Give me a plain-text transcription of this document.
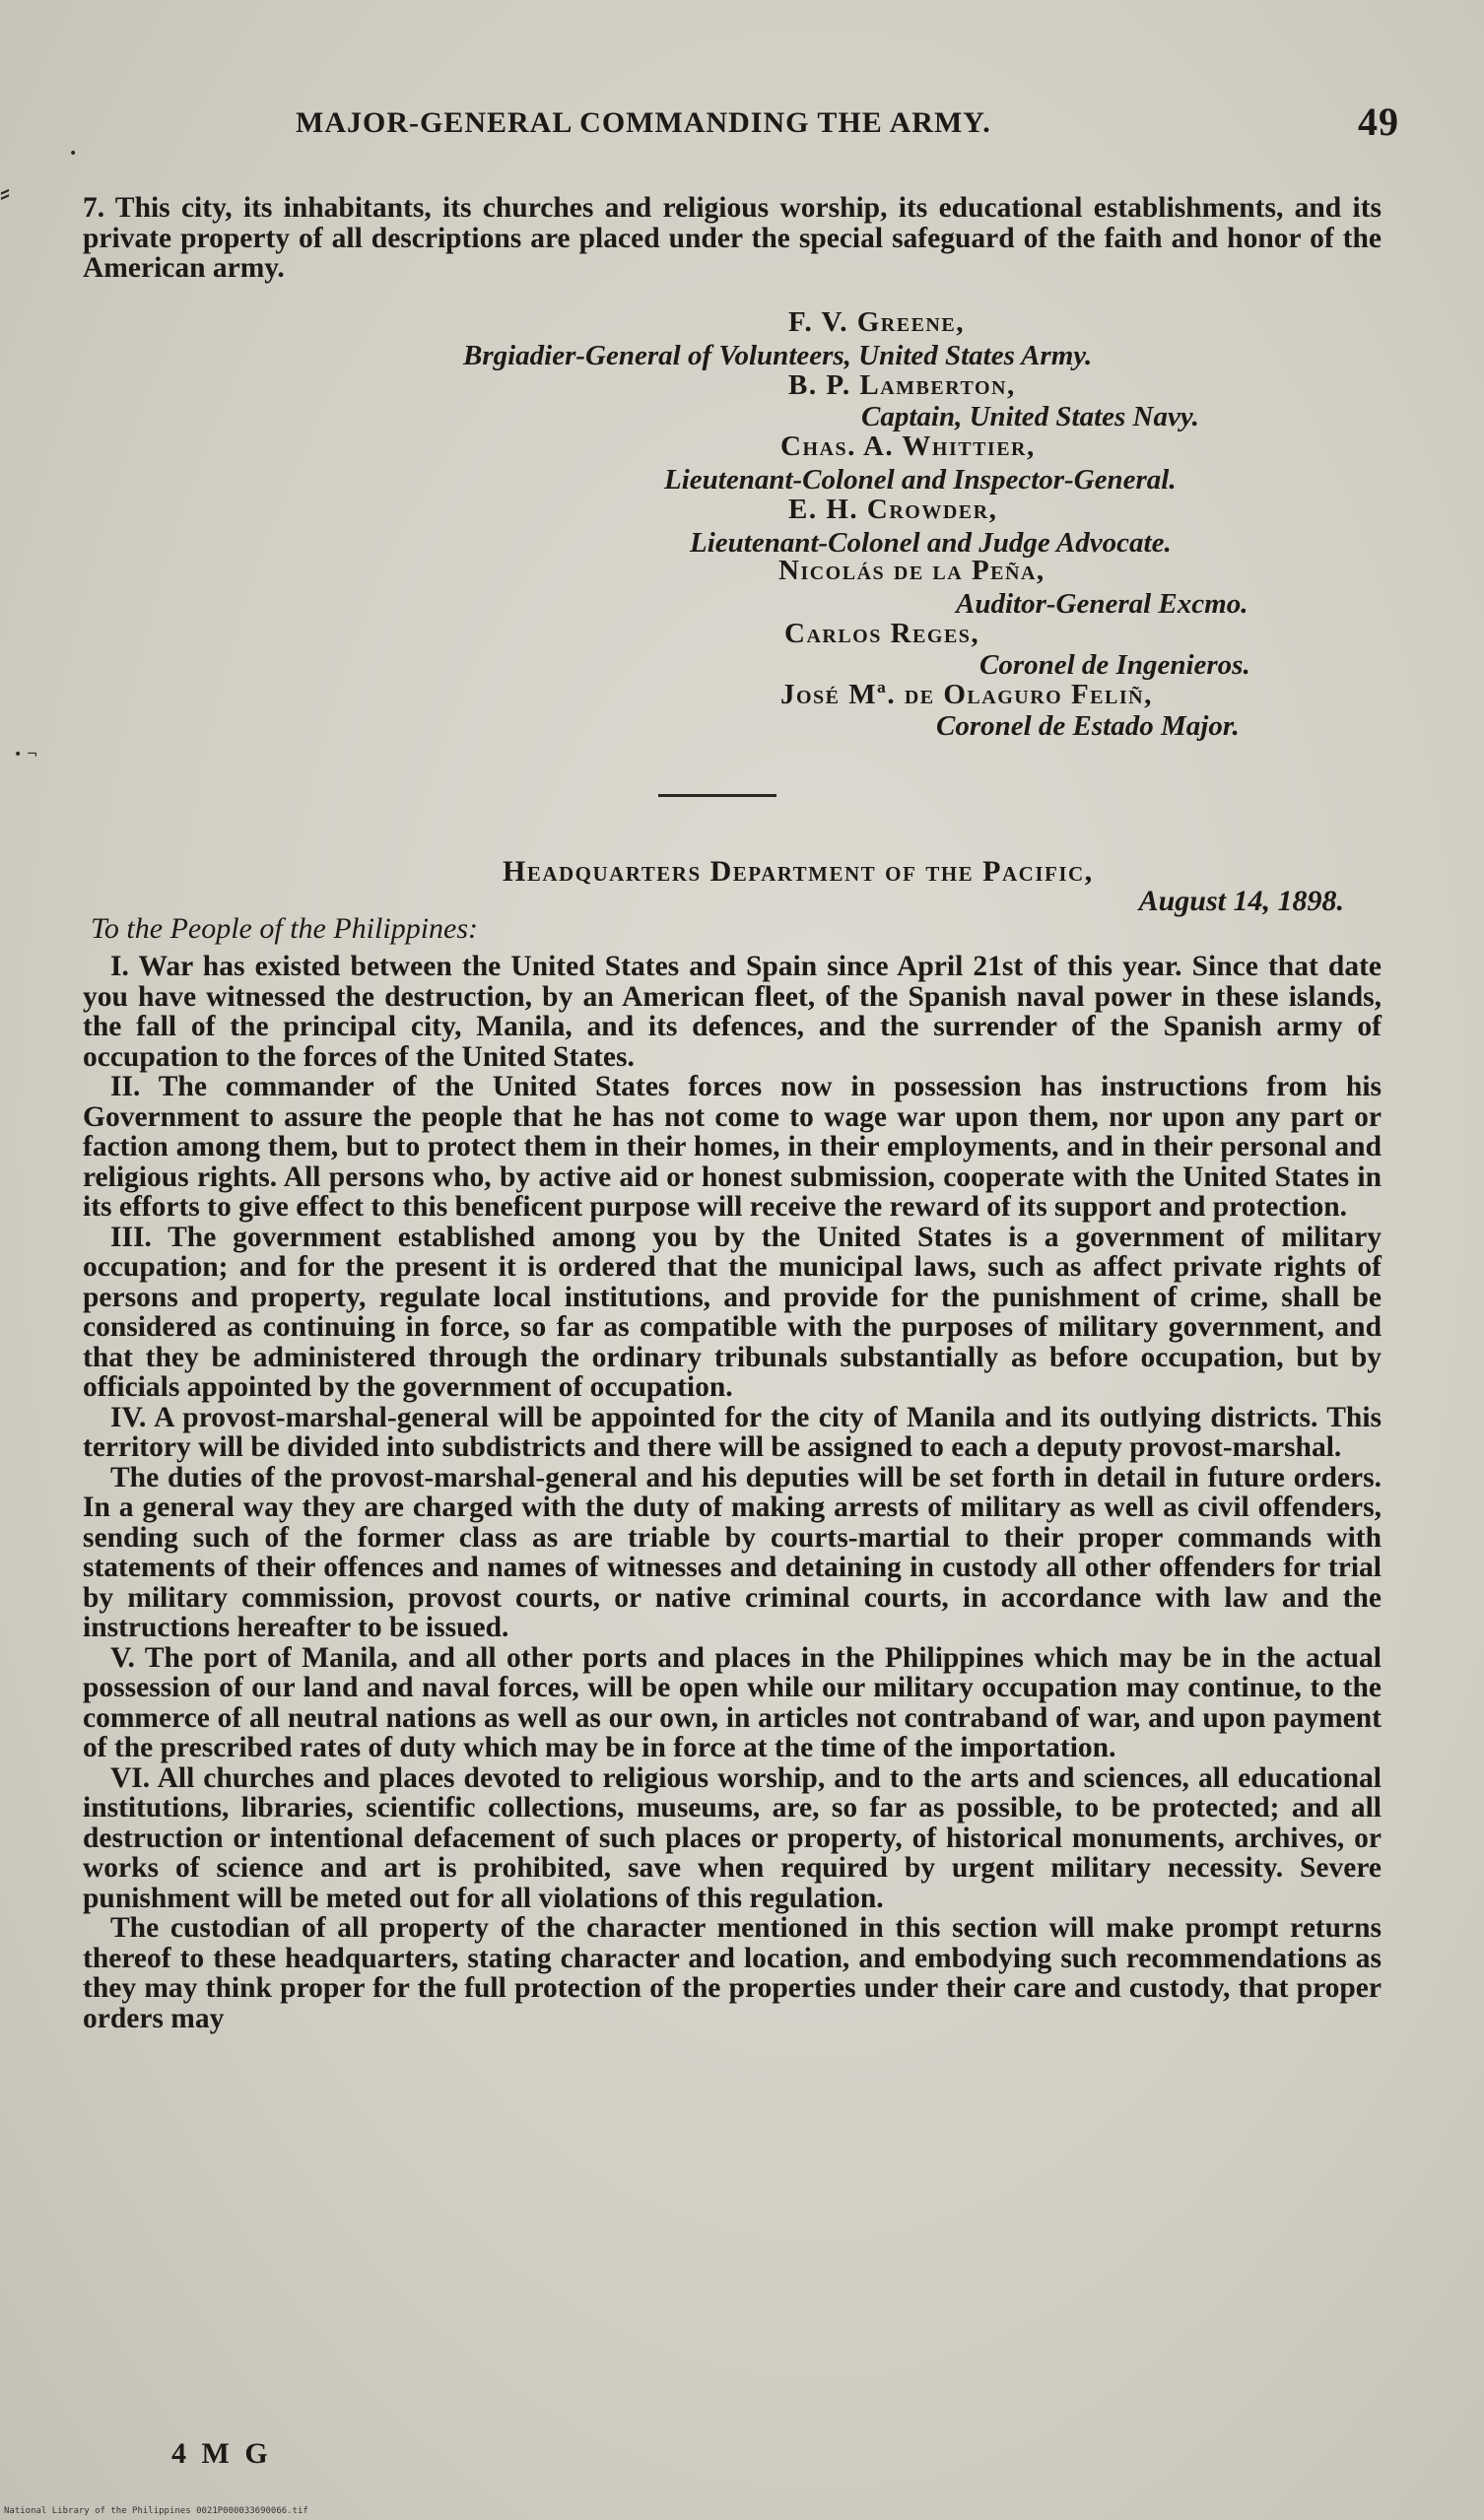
MAJOR-GENERAL COMMANDING THE ARMY.	49
⸗
•
• ¬
7. This city, its inhabitants, its churches and religious worship, its educational establishments, and its private property of all descriptions are placed under the special safeguard of the faith and honor of the American army.
F. V. Greene,
Brgiadier-General of Volunteers, United States Army.
B. P. Lamberton,
Captain, United States Navy.
Chas. A. Whittier,
Lieutenant-Colonel and Inspector-General.
E. H. Crowder,
Lieutenant-Colonel and Judge Advocate.
Nicolás de la Peña,
Auditor-General Excmo.
Carlos Reges,
Coronel de Ingenieros.
José Mª. de Olaguro Feliñ,
Coronel de Estado Major.
Headquarters Department of the Pacific,
August 14, 1898.
To the People of the Philippines:

I. War has existed between the United States and Spain since April 21st of this year. Since that date you have witnessed the destruction, by an American fleet, of the Spanish naval power in these islands, the fall of the principal city, Manila, and its defences, and the surrender of the Spanish army of occupation to the forces of the United States.

II. The commander of the United States forces now in possession has instructions from his Government to assure the people that he has not come to wage war upon them, nor upon any part or faction among them, but to protect them in their homes, in their employments, and in their personal and religious rights. All persons who, by active aid or honest submission, cooperate with the United States in its efforts to give effect to this beneficent purpose will receive the reward of its support and protection.

III. The government established among you by the United States is a government of military occupation; and for the present it is ordered that the municipal laws, such as affect private rights of persons and property, regulate local institutions, and provide for the punishment of crime, shall be considered as continuing in force, so far as compatible with the purposes of military government, and that they be administered through the ordinary tribunals substantially as before occupation, but by officials appointed by the government of occupation.

IV. A provost-marshal-general will be appointed for the city of Manila and its outlying districts. This territory will be divided into subdistricts and there will be assigned to each a deputy provost-marshal.

The duties of the provost-marshal-general and his deputies will be set forth in detail in future orders. In a general way they are charged with the duty of making arrests of military as well as civil offenders, sending such of the former class as are triable by courts-martial to their proper commands with statements of their offences and names of witnesses and detaining in custody all other offenders for trial by military commission, provost courts, or native criminal courts, in accordance with law and the instructions hereafter to be issued.

V. The port of Manila, and all other ports and places in the Philippines which may be in the actual possession of our land and naval forces, will be open while our military occupation may continue, to the commerce of all neutral nations as well as our own, in articles not contraband of war, and upon payment of the prescribed rates of duty which may be in force at the time of the importation.

VI. All churches and places devoted to religious worship, and to the arts and sciences, all educational institutions, libraries, scientific collections, museums, are, so far as possible, to be protected; and all destruction or intentional defacement of such places or property, of historical monuments, archives, or works of science and art is prohibited, save when required by urgent military necessity. Severe punishment will be meted out for all violations of this regulation.

The custodian of all property of the character mentioned in this section will make prompt returns thereof to these headquarters, stating character and location, and embodying such recommendations as they may think proper for the full protection of the properties under their care and custody, that proper orders may

4 M G
National Library of the Philippines 0021P000033690066.tif
